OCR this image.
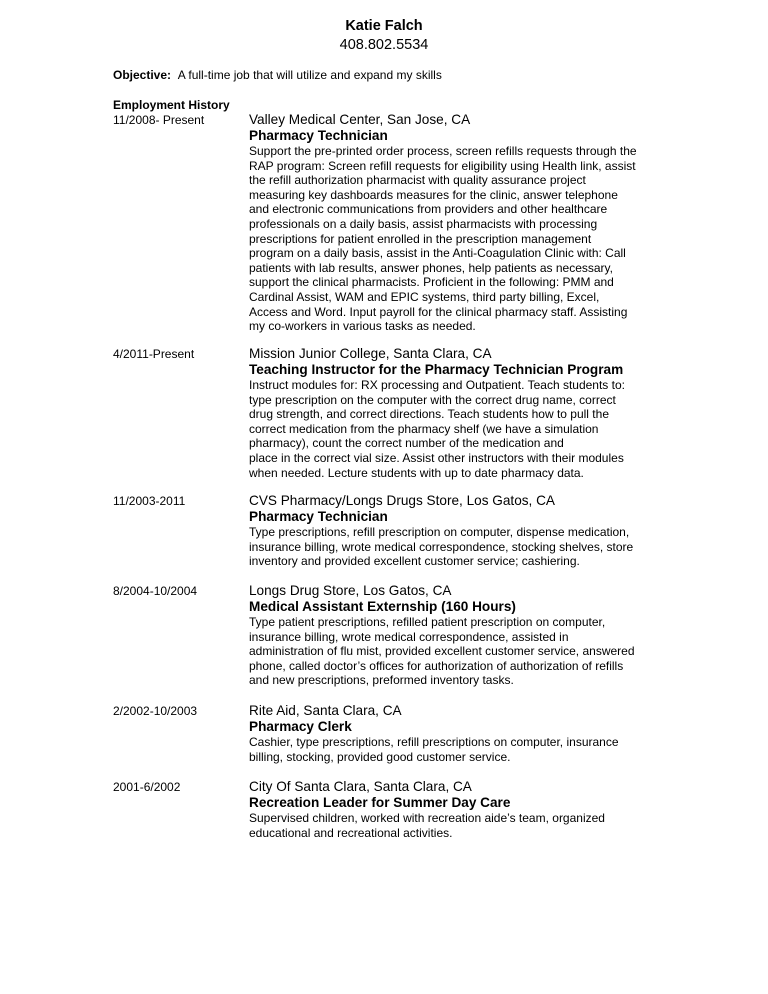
Katie Falch
408.802.5534
Objective: A full-time job that will utilize and expand my skills
Employment History
11/2008- Present	Valley Medical Center, San Jose, CA
Pharmacy Technician
Support the pre-printed order process, screen refills requests through the
RAP program: Screen refill requests for eligibility using Health link, assist
the refill authorization pharmacist with quality assurance project
measuring key dashboards measures for the clinic, answer telephone
and electronic communications from providers and other healthcare
professionals on a daily basis, assist pharmacists with processing
prescriptions for patient enrolled in the prescription management
program on a daily basis, assist in the Anti-Coagulation Clinic with: Call
patients with lab results, answer phones, help patients as necessary,
support the clinical pharmacists. Proficient in the following: PMM and
Cardinal Assist, WAM and EPIC systems, third party billing, Excel,
Access and Word. Input payroll for the clinical pharmacy staff. Assisting
my co-workers in various tasks as needed.
4/2011-Present	Mission Junior College, Santa Clara, CA
Teaching Instructor for the Pharmacy Technician Program
Instruct modules for: RX processing and Outpatient. Teach students to:
type prescription on the computer with the correct drug name, correct
drug strength, and correct directions. Teach students how to pull the
correct medication from the pharmacy shelf (we have a simulation
pharmacy), count the correct number of the medication and
place in the correct vial size. Assist other instructors with their modules
when needed. Lecture students with up to date pharmacy data.
11/2003-2011	CVS Pharmacy/Longs Drugs Store, Los Gatos, CA
Pharmacy Technician
Type prescriptions, refill prescription on computer, dispense medication,
insurance billing, wrote medical correspondence, stocking shelves, store
inventory and provided excellent customer service; cashiering.
8/2004-10/2004	Longs Drug Store, Los Gatos, CA
Medical Assistant Externship (160 Hours)
Type patient prescriptions, refilled patient prescription on computer,
insurance billing, wrote medical correspondence, assisted in
administration of flu mist, provided excellent customer service, answered
phone, called doctor’s offices for authorization of authorization of refills
and new prescriptions, preformed inventory tasks.
2/2002-10/2003	Rite Aid, Santa Clara, CA
Pharmacy Clerk
Cashier, type prescriptions, refill prescriptions on computer, insurance
billing, stocking, provided good customer service.
2001-6/2002	City Of Santa Clara, Santa Clara, CA
Recreation Leader for Summer Day Care
Supervised children, worked with recreation aide’s team, organized
educational and recreational activities.
